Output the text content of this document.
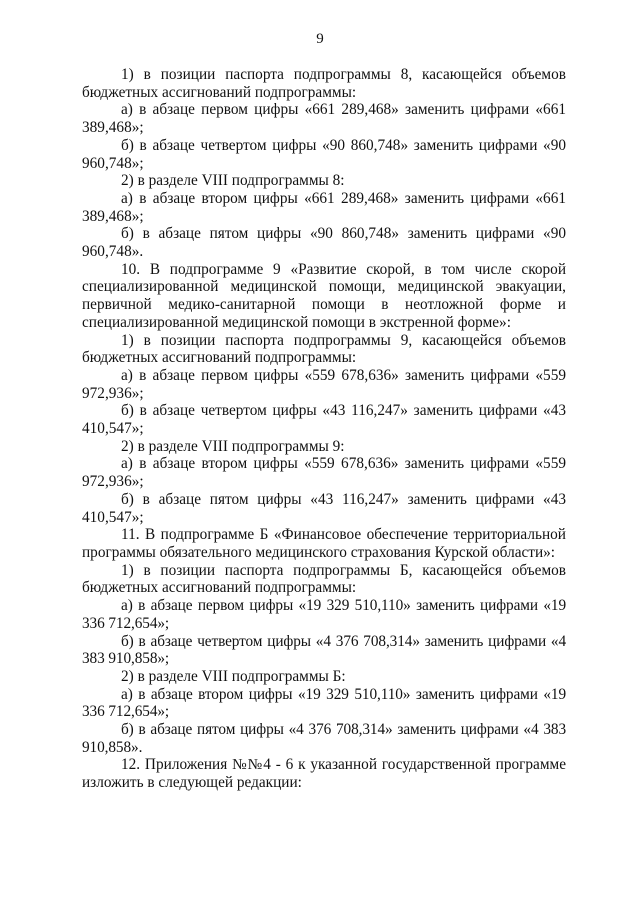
9

1) в позиции паспорта подпрограммы 8, касающейся объемов бюджетных ассигнований подпрограммы:

а) в абзаце первом цифры «661 289,468» заменить цифрами «661 389,468»;

б) в абзаце четвертом цифры «90 860,748» заменить цифрами «90 960,748»;

2) в разделе VIII подпрограммы 8:

а) в абзаце втором цифры «661 289,468» заменить цифрами «661 389,468»;

б) в абзаце пятом цифры «90 860,748» заменить цифрами «90 960,748».

10. В подпрограмме 9 «Развитие скорой, в том числе скорой специализированной медицинской помощи, медицинской эвакуации, первичной медико-санитарной помощи в неотложной форме и специализированной медицинской помощи в экстренной форме»:

1) в позиции паспорта подпрограммы 9, касающейся объемов бюджетных ассигнований подпрограммы:

а) в абзаце первом цифры «559 678,636» заменить цифрами «559 972,936»;

б) в абзаце четвертом цифры «43 116,247» заменить цифрами «43 410,547»;

2) в разделе VIII подпрограммы 9:

а) в абзаце втором цифры «559 678,636» заменить цифрами «559 972,936»;

б) в абзаце пятом цифры «43 116,247» заменить цифрами «43 410,547»;

11. В подпрограмме Б «Финансовое обеспечение территориальной программы обязательного медицинского страхования Курской области»:

1) в позиции паспорта подпрограммы Б, касающейся объемов бюджетных ассигнований подпрограммы:

а) в абзаце первом цифры «19 329 510,110» заменить цифрами «19 336 712,654»;

б) в абзаце четвертом цифры «4 376 708,314» заменить цифрами «4 383 910,858»;

2) в разделе VIII подпрограммы Б:

а) в абзаце втором цифры «19 329 510,110» заменить цифрами «19 336 712,654»;

б) в абзаце пятом цифры «4 376 708,314» заменить цифрами «4 383 910,858».

12. Приложения №№4 - 6 к указанной государственной программе изложить в следующей редакции:
